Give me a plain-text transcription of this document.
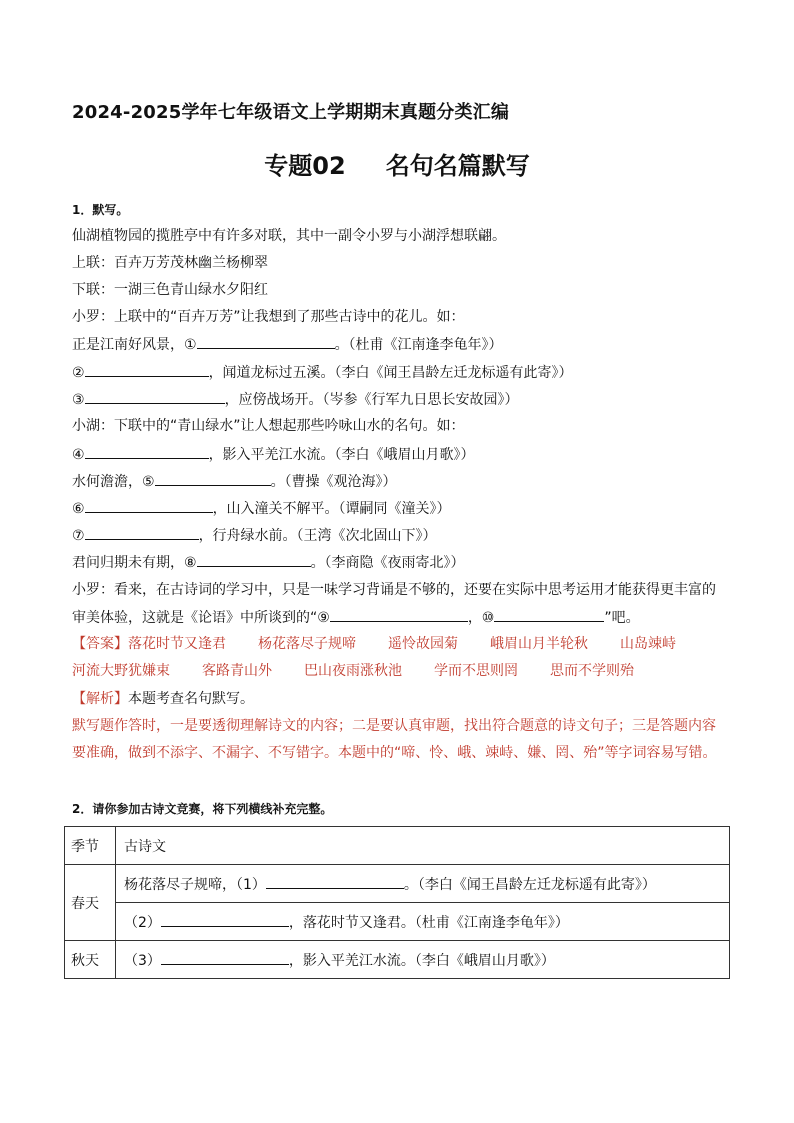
2024-2025学年七年级语文上学期期末真题分类汇编
专题02 名句名篇默写
1．默写。
仙湖植物园的揽胜亭中有许多对联，其中一副令小罗与小湖浮想联翩。
上联：百卉万芳茂林幽兰杨柳翠
下联：一湖三色青山绿水夕阳红
小罗：上联中的“百卉万芳”让我想到了那些古诗中的花儿。如：
正是江南好风景，①	。（杜甫《江南逢李龟年》）
②	，闻道龙标过五溪。（李白《闻王昌龄左迁龙标遥有此寄》）
③	，应傍战场开。（岑参《行军九日思长安故园》）
小湖：下联中的“青山绿水”让人想起那些吟咏山水的名句。如：
④	，影入平羌江水流。（李白《峨眉山月歌》）
水何澹澹，⑤	。（曹操《观沧海》）
⑥	，山入潼关不解平。（谭嗣同《潼关》）
⑦	，行舟绿水前。（王湾《次北固山下》）
君问归期未有期，⑧	。（李商隐《夜雨寄北》）
小罗：看来，在古诗词的学习中，只是一味学习背诵是不够的，还要在实际中思考运用才能获得更丰富的
审美体验，这就是《论语》中所谈到的“⑨	，⑩	”吧。
【答案】落花时节又逢君 杨花落尽子规啼 遥怜故园菊 峨眉山月半轮秋 山岛竦峙
河流大野犹嫌束 客路青山外 巴山夜雨涨秋池 学而不思则罔 思而不学则殆
【解析】本题考查名句默写。
默写题作答时，一是要透彻理解诗文的内容；二是要认真审题，找出符合题意的诗文句子；三是答题内容
要准确，做到不添字、不漏字、不写错字。本题中的“啼、怜、峨、竦峙、嫌、罔、殆”等字词容易写错。
2．请你参加古诗文竞赛，将下列横线补充完整。
季节	古诗文
春天	杨花落尽子规啼，（1） 。（李白《闻王昌龄左迁龙标遥有此寄》）
	（2） ，落花时节又逢君。（杜甫《江南逢李龟年》）
秋天	（3） ，影入平羌江水流。（李白《峨眉山月歌》）
